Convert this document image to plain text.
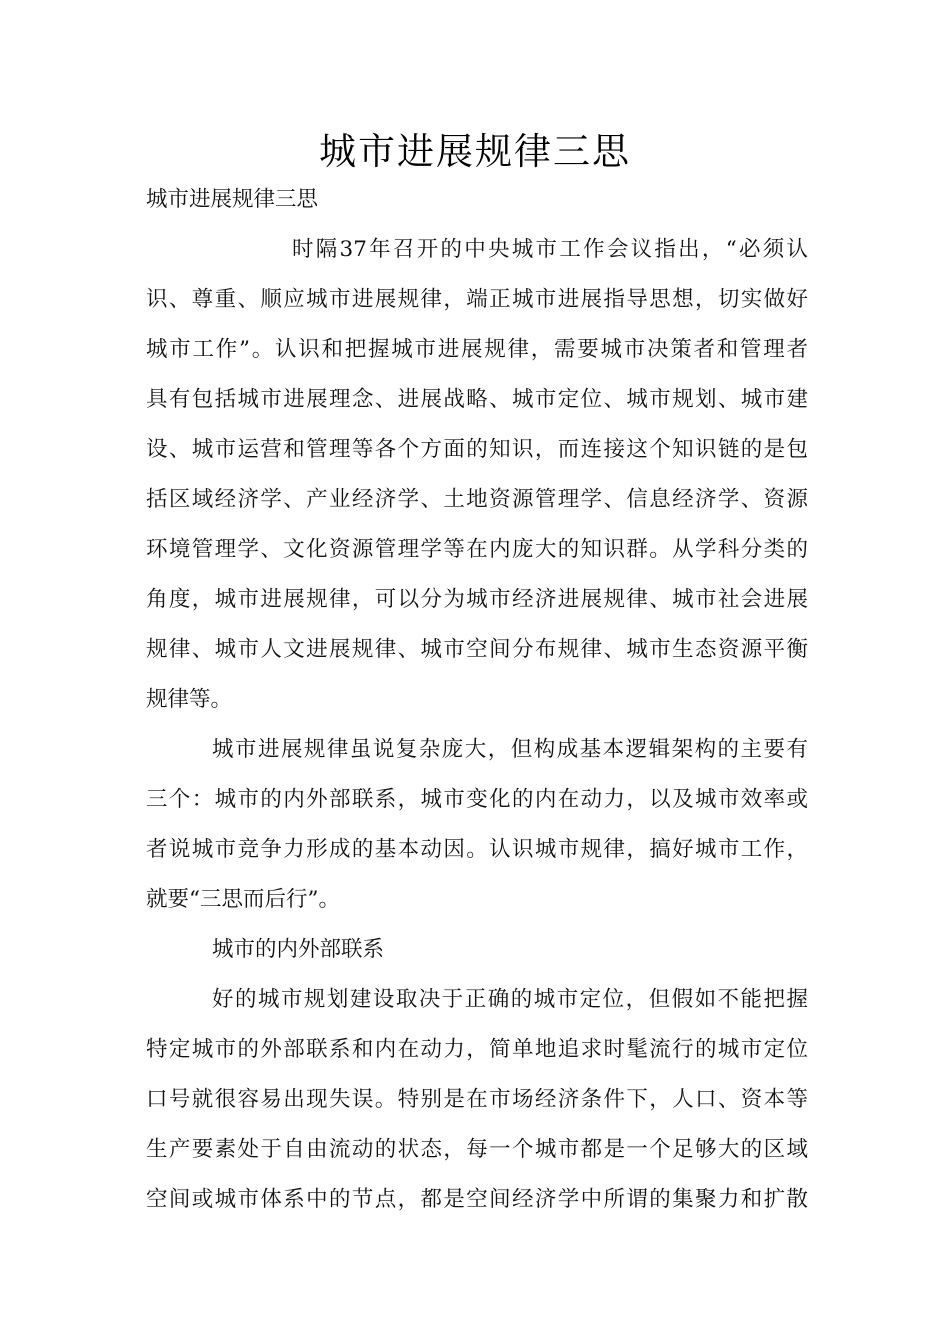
城市进展规律三思
城市进展规律三思
时隔37年召开的中央城市工作会议指出，“必须认
识、尊重、顺应城市进展规律，端正城市进展指导思想，切实做好
城市工作”。认识和把握城市进展规律，需要城市决策者和管理者
具有包括城市进展理念、进展战略、城市定位、城市规划、城市建
设、城市运营和管理等各个方面的知识，而连接这个知识链的是包
括区域经济学、产业经济学、土地资源管理学、信息经济学、资源
环境管理学、文化资源管理学等在内庞大的知识群。从学科分类的
角度，城市进展规律，可以分为城市经济进展规律、城市社会进展
规律、城市人文进展规律、城市空间分布规律、城市生态资源平衡
规律等。
城市进展规律虽说复杂庞大，但构成基本逻辑架构的主要有
三个：城市的内外部联系，城市变化的内在动力，以及城市效率或
者说城市竞争力形成的基本动因。认识城市规律，搞好城市工作，
就要“三思而后行”。
城市的内外部联系
好的城市规划建设取决于正确的城市定位，但假如不能把握
特定城市的外部联系和内在动力，简单地追求时髦流行的城市定位
口号就很容易出现失误。特别是在市场经济条件下，人口、资本等
生产要素处于自由流动的状态，每一个城市都是一个足够大的区域
空间或城市体系中的节点，都是空间经济学中所谓的集聚力和扩散
